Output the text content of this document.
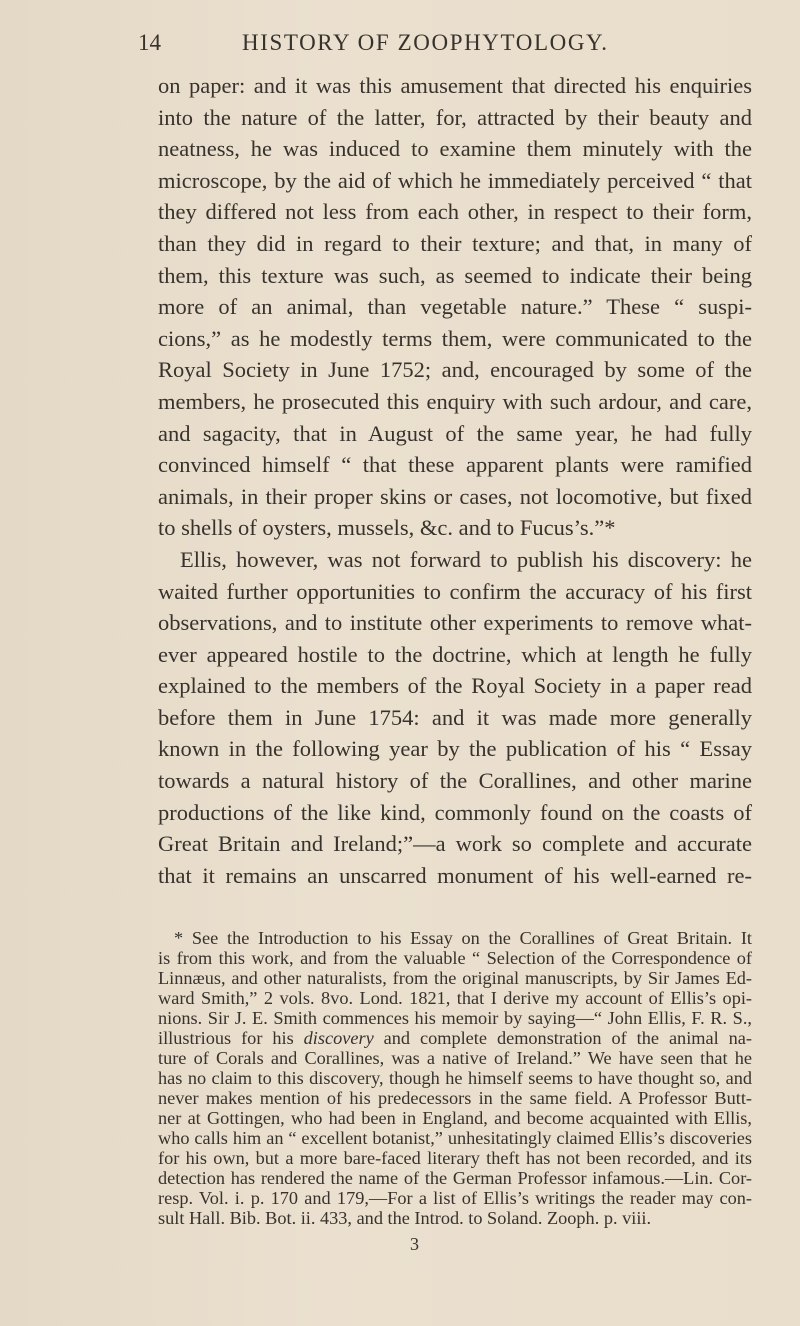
14	HISTORY OF ZOOPHYTOLOGY.
on paper: and it was this amusement that directed his enquiries
into the nature of the latter, for, attracted by their beauty and
neatness, he was induced to examine them minutely with the
microscope, by the aid of which he immediately perceived “ that
they differed not less from each other, in respect to their form,
than they did in regard to their texture; and that, in many of
them, this texture was such, as seemed to indicate their being
more of an animal, than vegetable nature.” These “ suspi-
cions,” as he modestly terms them, were communicated to the
Royal Society in June 1752; and, encouraged by some of the
members, he prosecuted this enquiry with such ardour, and care,
and sagacity, that in August of the same year, he had fully
convinced himself “ that these apparent plants were ramified
animals, in their proper skins or cases, not locomotive, but fixed
to shells of oysters, mussels, &c. and to Fucus’s.”*
Ellis, however, was not forward to publish his discovery: he
waited further opportunities to confirm the accuracy of his first
observations, and to institute other experiments to remove what-
ever appeared hostile to the doctrine, which at length he fully
explained to the members of the Royal Society in a paper read
before them in June 1754: and it was made more generally
known in the following year by the publication of his “ Essay
towards a natural history of the Corallines, and other marine
productions of the like kind, commonly found on the coasts of
Great Britain and Ireland;”—a work so complete and accurate
that it remains an unscarred monument of his well-earned re-
* See the Introduction to his Essay on the Corallines of Great Britain. It
is from this work, and from the valuable “ Selection of the Correspondence of
Linnæus, and other naturalists, from the original manuscripts, by Sir James Ed-
ward Smith,” 2 vols. 8vo. Lond. 1821, that I derive my account of Ellis’s opi-
nions. Sir J. E. Smith commences his memoir by saying—“ John Ellis, F. R. S.,
illustrious for his discovery and complete demonstration of the animal na-
ture of Corals and Corallines, was a native of Ireland.” We have seen that he
has no claim to this discovery, though he himself seems to have thought so, and
never makes mention of his predecessors in the same field. A Professor Butt-
ner at Gottingen, who had been in England, and become acquainted with Ellis,
who calls him an “ excellent botanist,” unhesitatingly claimed Ellis’s discoveries
for his own, but a more bare-faced literary theft has not been recorded, and its
detection has rendered the name of the German Professor infamous.—Lin. Cor-
resp. Vol. i. p. 170 and 179,—For a list of Ellis’s writings the reader may con-
sult Hall. Bib. Bot. ii. 433, and the Introd. to Soland. Zooph. p. viii.
3
